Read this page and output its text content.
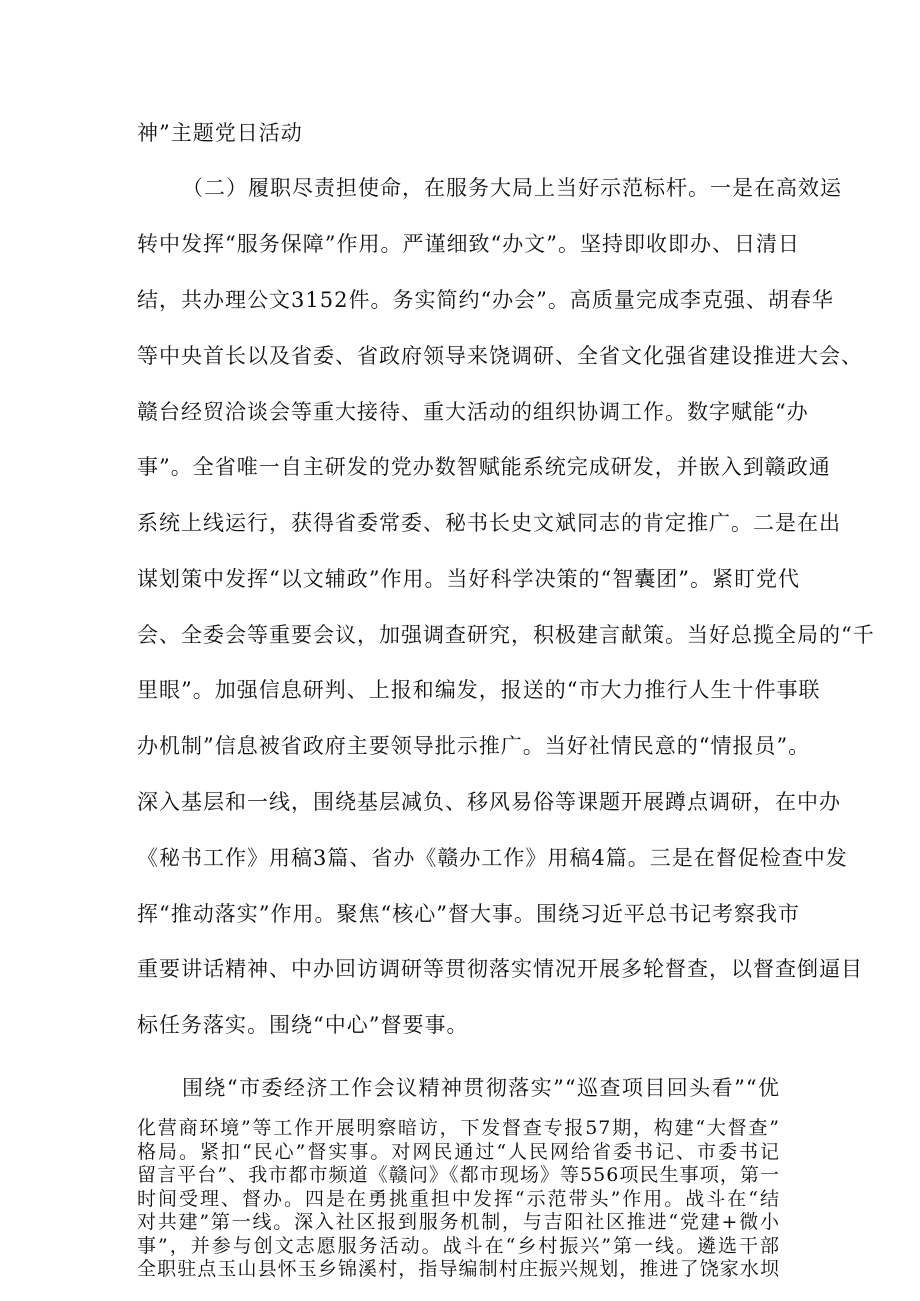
神”主题党日活动
（二）履职尽责担使命，在服务大局上当好示范标杆。一是在高效运
转中发挥“服务保障”作用。严谨细致“办文”。坚持即收即办、日清日
结，共办理公文3152件。务实简约“办会”。高质量完成李克强、胡春华
等中央首长以及省委、省政府领导来饶调研、全省文化强省建设推进大会、
赣台经贸洽谈会等重大接待、重大活动的组织协调工作。数字赋能“办
事”。全省唯一自主研发的党办数智赋能系统完成研发，并嵌入到赣政通
系统上线运行，获得省委常委、秘书长史文斌同志的肯定推广。二是在出
谋划策中发挥“以文辅政”作用。当好科学决策的“智囊团”。紧盯党代
会、全委会等重要会议，加强调查研究，积极建言献策。当好总揽全局的“千
里眼”。加强信息研判、上报和编发，报送的“市大力推行人生十件事联
办机制”信息被省政府主要领导批示推广。当好社情民意的“情报员”。
深入基层和一线，围绕基层减负、移风易俗等课题开展蹲点调研，在中办
《秘书工作》用稿3篇、省办《赣办工作》用稿4篇。三是在督促检查中发
挥“推动落实”作用。聚焦“核心”督大事。围绕习近平总书记考察我市
重要讲话精神、中办回访调研等贯彻落实情况开展多轮督查，以督查倒逼目
标任务落实。围绕“中心”督要事。
围绕“市委经济工作会议精神贯彻落实”“巡查项目回头看”“优
化营商环境”等工作开展明察暗访，下发督查专报57期，构建“大督查”
格局。紧扣“民心”督实事。对网民通过“人民网给省委书记、市委书记
留言平台”、我市都市频道《赣问》《都市现场》等556项民生事项，第一
时间受理、督办。四是在勇挑重担中发挥“示范带头”作用。战斗在“结
对共建”第一线。深入社区报到服务机制，与吉阳社区推进“党建+微小
事”，并参与创文志愿服务活动。战斗在“乡村振兴”第一线。遴选干部
全职驻点玉山县怀玉乡锦溪村，指导编制村庄振兴规划，推进了饶家水坝
